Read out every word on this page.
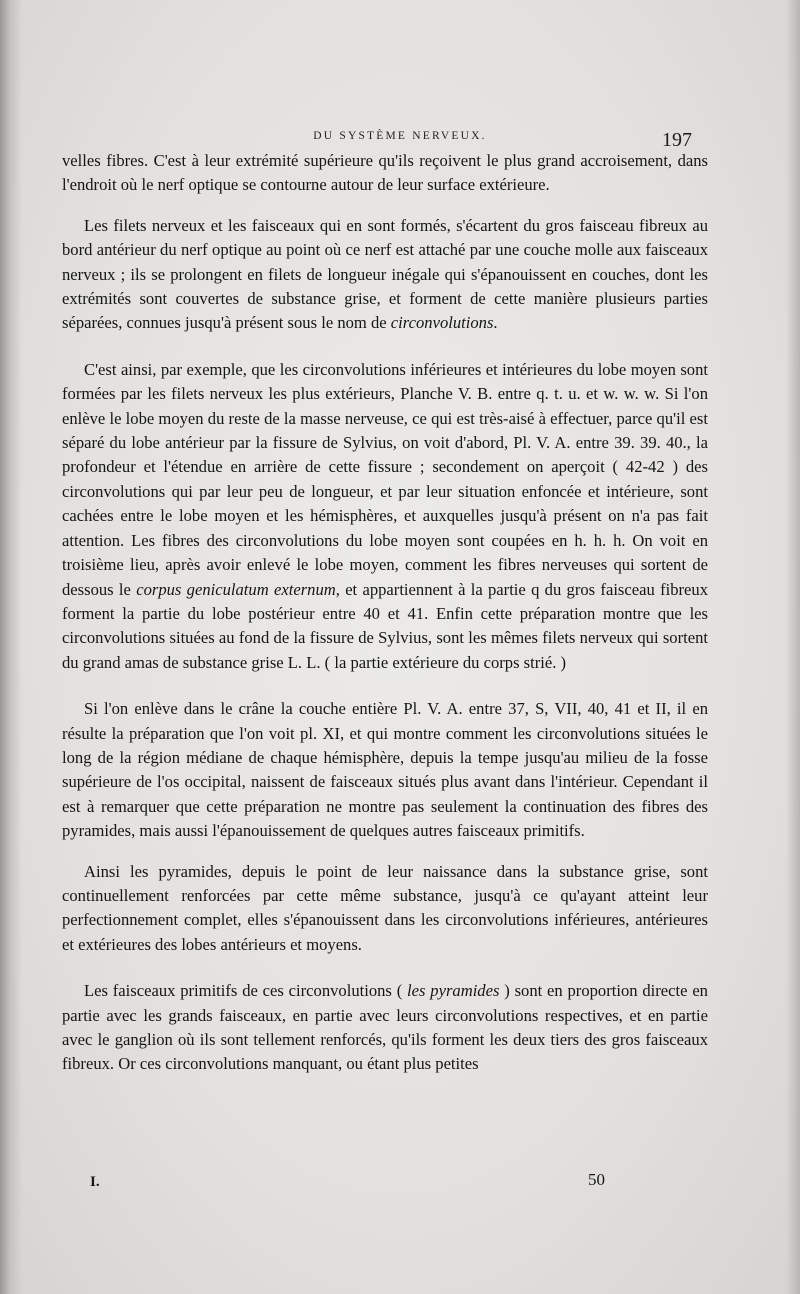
DU SYSTÈME NERVEUX.	197

velles fibres. C'est à leur extrémité supérieure qu'ils reçoivent le plus grand accroisement, dans l'endroit où le nerf optique se contourne autour de leur surface extérieure.

Les filets nerveux et les faisceaux qui en sont formés, s'écartent du gros faisceau fibreux au bord antérieur du nerf optique au point où ce nerf est attaché par une couche molle aux faisceaux nerveux ; ils se prolongent en filets de longueur inégale qui s'épanouissent en couches, dont les extrémités sont couvertes de substance grise, et forment de cette manière plusieurs parties séparées, connues jusqu'à présent sous le nom de circonvolutions.

C'est ainsi, par exemple, que les circonvolutions inférieures et intérieures du lobe moyen sont formées par les filets nerveux les plus extérieurs, Planche V. B. entre q. t. u. et w. w. w. Si l'on enlève le lobe moyen du reste de la masse nerveuse, ce qui est très-aisé à effectuer, parce qu'il est séparé du lobe antérieur par la fissure de Sylvius, on voit d'abord, Pl. V. A. entre 39. 39. 40., la profondeur et l'étendue en arrière de cette fissure ; secondement on aperçoit ( 42-42 ) des circonvolutions qui par leur peu de longueur, et par leur situation enfoncée et intérieure, sont cachées entre le lobe moyen et les hémisphères, et auxquelles jusqu'à présent on n'a pas fait attention. Les fibres des circonvolutions du lobe moyen sont coupées en h. h. h. On voit en troisième lieu, après avoir enlevé le lobe moyen, comment les fibres nerveuses qui sortent de dessous le corpus geniculatum externum, et appartiennent à la partie q du gros faisceau fibreux forment la partie du lobe postérieur entre 40 et 41. Enfin cette préparation montre que les circonvolutions situées au fond de la fissure de Sylvius, sont les mêmes filets nerveux qui sortent du grand amas de substance grise L. L. ( la partie extérieure du corps strié. )

Si l'on enlève dans le crâne la couche entière Pl. V. A. entre 37, S, VII, 40, 41 et II, il en résulte la préparation que l'on voit pl. XI, et qui montre comment les circonvolutions situées le long de la région médiane de chaque hémisphère, depuis la tempe jusqu'au milieu de la fosse supérieure de l'os occipital, naissent de faisceaux situés plus avant dans l'intérieur. Cependant il est à remarquer que cette préparation ne montre pas seulement la continuation des fibres des pyramides, mais aussi l'épanouissement de quelques autres faisceaux primitifs.

Ainsi les pyramides, depuis le point de leur naissance dans la substance grise, sont continuellement renforcées par cette même substance, jusqu'à ce qu'ayant atteint leur perfectionnement complet, elles s'épanouissent dans les circonvolutions inférieures, antérieures et extérieures des lobes antérieurs et moyens.

Les faisceaux primitifs de ces circonvolutions ( les pyramides ) sont en proportion directe en partie avec les grands faisceaux, en partie avec leurs circonvolutions respectives, et en partie avec le ganglion où ils sont tellement renforcés, qu'ils forment les deux tiers des gros faisceaux fibreux. Or ces circonvolutions manquant, ou étant plus petites

I.	50
